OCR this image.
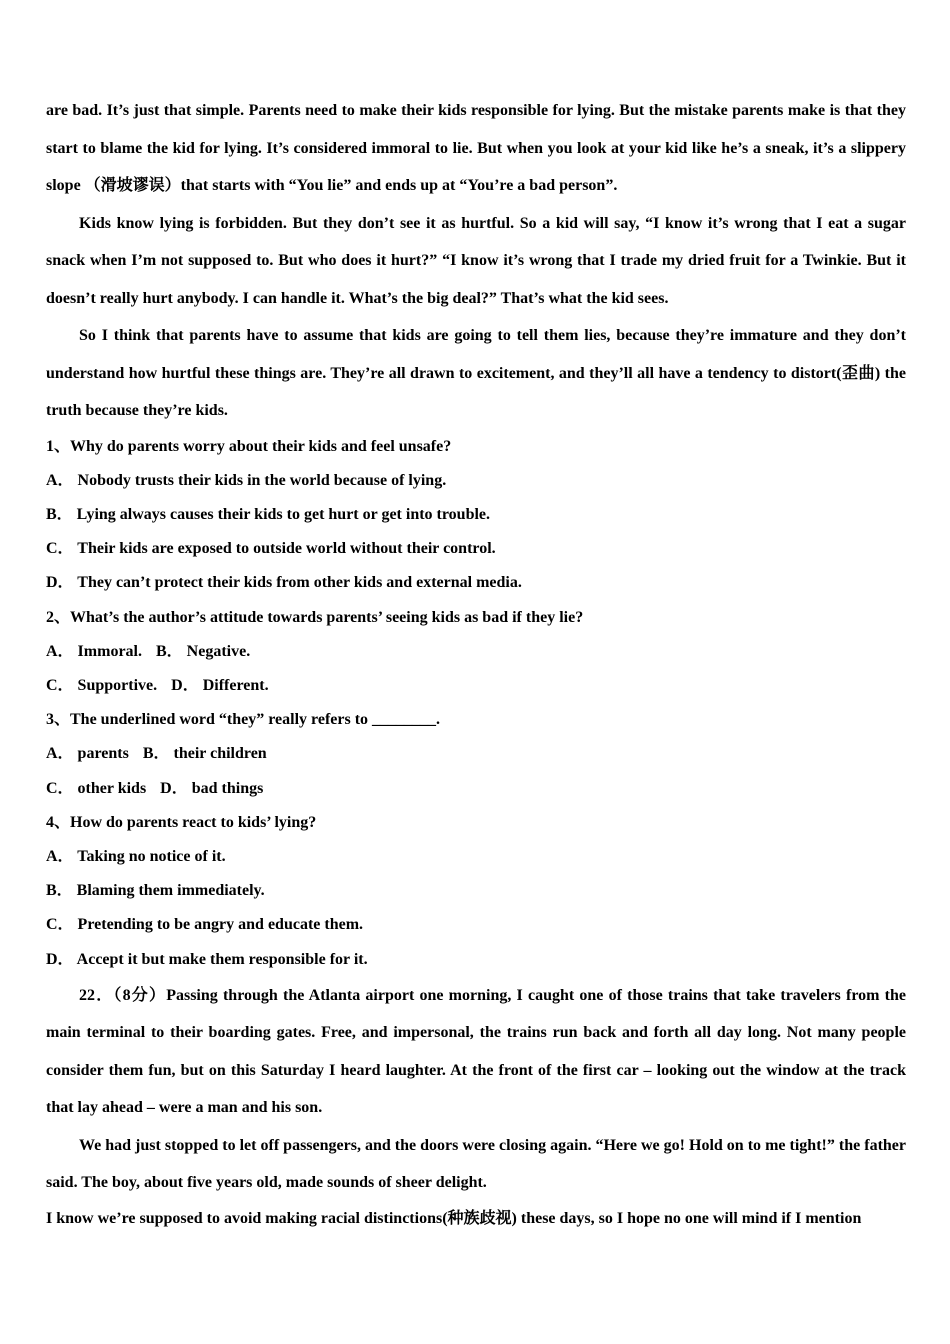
are bad. It’s just that simple. Parents need to make their kids responsible for lying. But the mistake parents make is that they start to blame the kid for lying. It’s considered immoral to lie. But when you look at your kid like he’s a sneak, it’s a slippery slope （滑坡谬误）that starts with “You lie” and ends up at “You’re a bad person”.

Kids know lying is forbidden. But they don’t see it as hurtful. So a kid will say, “I know it’s wrong that I eat a sugar snack when I’m not supposed to. But who does it hurt?” “I know it’s wrong that I trade my dried fruit for a Twinkie. But it doesn’t really hurt anybody. I can handle it. What’s the big deal?” That’s what the kid sees.

So I think that parents have to assume that kids are going to tell them lies, because they’re immature and they don’t understand how hurtful these things are. They’re all drawn to excitement, and they’ll all have a tendency to distort(歪曲) the truth because they’re kids.

1、Why do parents worry about their kids and feel unsafe?

A． Nobody trusts their kids in the world because of lying.

B． Lying always causes their kids to get hurt or get into trouble.

C． Their kids are exposed to outside world without their control.

D． They can’t protect their kids from other kids and external media.

2、What’s the author’s attitude towards parents’ seeing kids as bad if they lie?

A． Immoral. B． Negative.

C． Supportive. D． Different.

3、The underlined word “they” really refers to ________.

A． parents B． their children

C． other kids D． bad things

4、How do parents react to kids’ lying?

A． Taking no notice of it.

B． Blaming them immediately.

C． Pretending to be angry and educate them.

D． Accept it but make them responsible for it.

22．（8分）Passing through the Atlanta airport one morning, I caught one of those trains that take travelers from the main terminal to their boarding gates. Free, and impersonal, the trains run back and forth all day long. Not many people consider them fun, but on this Saturday I heard laughter. At the front of the first car – looking out the window at the track that lay ahead – were a man and his son.

We had just stopped to let off passengers, and the doors were closing again. “Here we go! Hold on to me tight!” the father said. The boy, about five years old, made sounds of sheer delight.

I know we’re supposed to avoid making racial distinctions(种族歧视) these days, so I hope no one will mind if I mention
